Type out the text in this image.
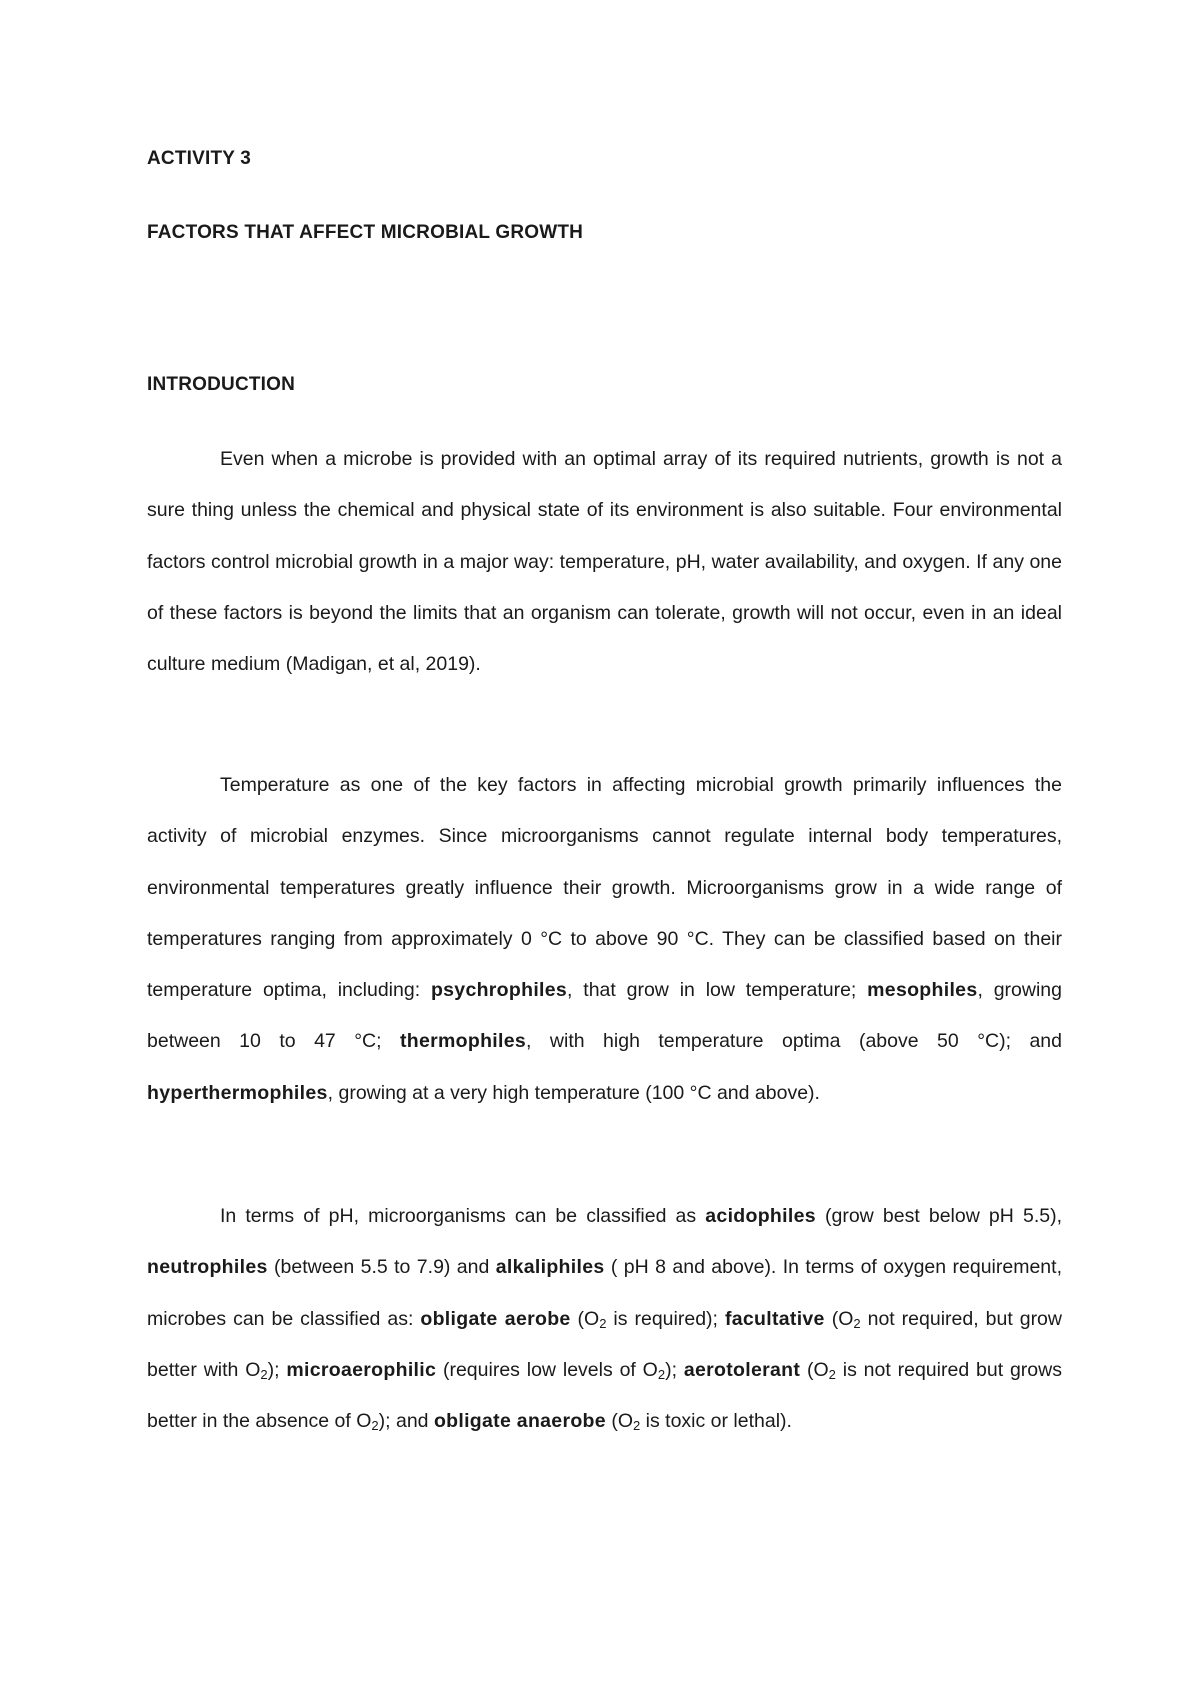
ACTIVITY 3
FACTORS THAT AFFECT MICROBIAL GROWTH
INTRODUCTION

Even when a microbe is provided with an optimal array of its required nutrients, growth is not a sure thing unless the chemical and physical state of its environment is also suitable. Four environmental factors control microbial growth in a major way: temperature, pH, water availability, and oxygen. If any one of these factors is beyond the limits that an organism can tolerate, growth will not occur, even in an ideal culture medium (Madigan, et al, 2019).

Temperature as one of the key factors in affecting microbial growth primarily influences the activity of microbial enzymes. Since microorganisms cannot regulate internal body temperatures, environmental temperatures greatly influence their growth. Microorganisms grow in a wide range of temperatures ranging from approximately 0 °C to above 90 °C. They can be classified based on their temperature optima, including: psychrophiles, that grow in low temperature; mesophiles, growing between 10 to 47 °C; thermophiles, with high temperature optima (above 50 °C); and hyperthermophiles, growing at a very high temperature (100 °C and above).

In terms of pH, microorganisms can be classified as acidophiles (grow best below pH 5.5), neutrophiles (between 5.5 to 7.9) and alkaliphiles ( pH 8 and above). In terms of oxygen requirement, microbes can be classified as: obligate aerobe ($O_2$ is required); facultative ($O_2$ not required, but grow better with $O_2$); microaerophilic (requires low levels of $O_2$); aerotolerant ($O_2$ is not required but grows better in the absence of $O_2$); and obligate anaerobe ($O_2$ is toxic or lethal).
